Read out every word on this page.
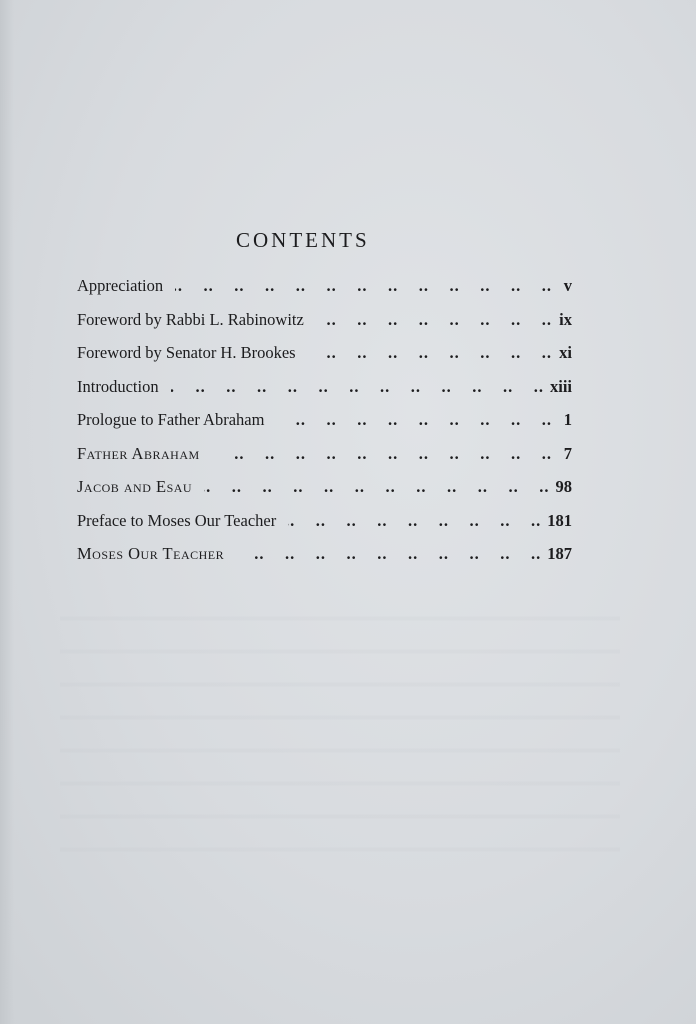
CONTENTS
Appreciation ..	v
Foreword by Rabbi L. Rabinowitz ..	ix
Foreword by Senator H. Brookes ..	xi
Introduction ..	xiii
Prologue to Father Abraham ..	1
Father Abraham ..	7
Jacob and Esau ..	98
Preface to Moses Our Teacher ..	181
Moses Our Teacher ..	187
